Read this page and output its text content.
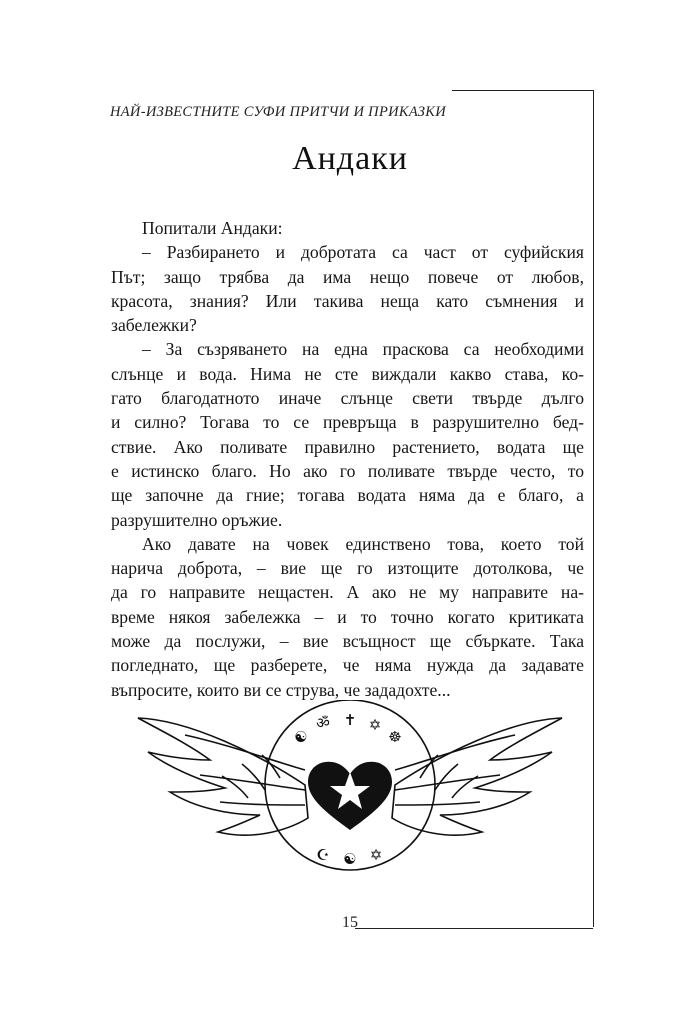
НАЙ-ИЗВЕСТНИТЕ СУФИ ПРИТЧИ И ПРИКАЗКИ
Андаки
Попитали Андаки:
– Разбирането и добротата са част от суфийския
Път; защо трябва да има нещо повече от любов,
красота, знания? Или такива неща като съмнения и
забележки?
– За съзряването на една праскова са необходими
слънце и вода. Нима не сте виждали какво става, ко-
гато благодатното иначе слънце свети твърде дълго
и силно? Тогава то се превръща в разрушително бед-
ствие. Ако поливате правилно растението, водата ще
е истинско благо. Но ако го поливате твърде често, то
ще започне да гние; тогава водата няма да е благо, а
разрушително оръжие.
Ако давате на човек единствено това, което той
нарича доброта, – вие ще го изтощите дотолкова, че
да го направите нещастен. А ако не му направите на-
време някоя забележка – и то точно когато критиката
може да послужи, – вие всъщност ще сбъркате. Така
погледнато, ще разберете, че няма нужда да задавате
въпросите, които ви се струва, че зададохте...
ॐ ✝ ✡
☯	☸
☪ ☯ ✡
15
